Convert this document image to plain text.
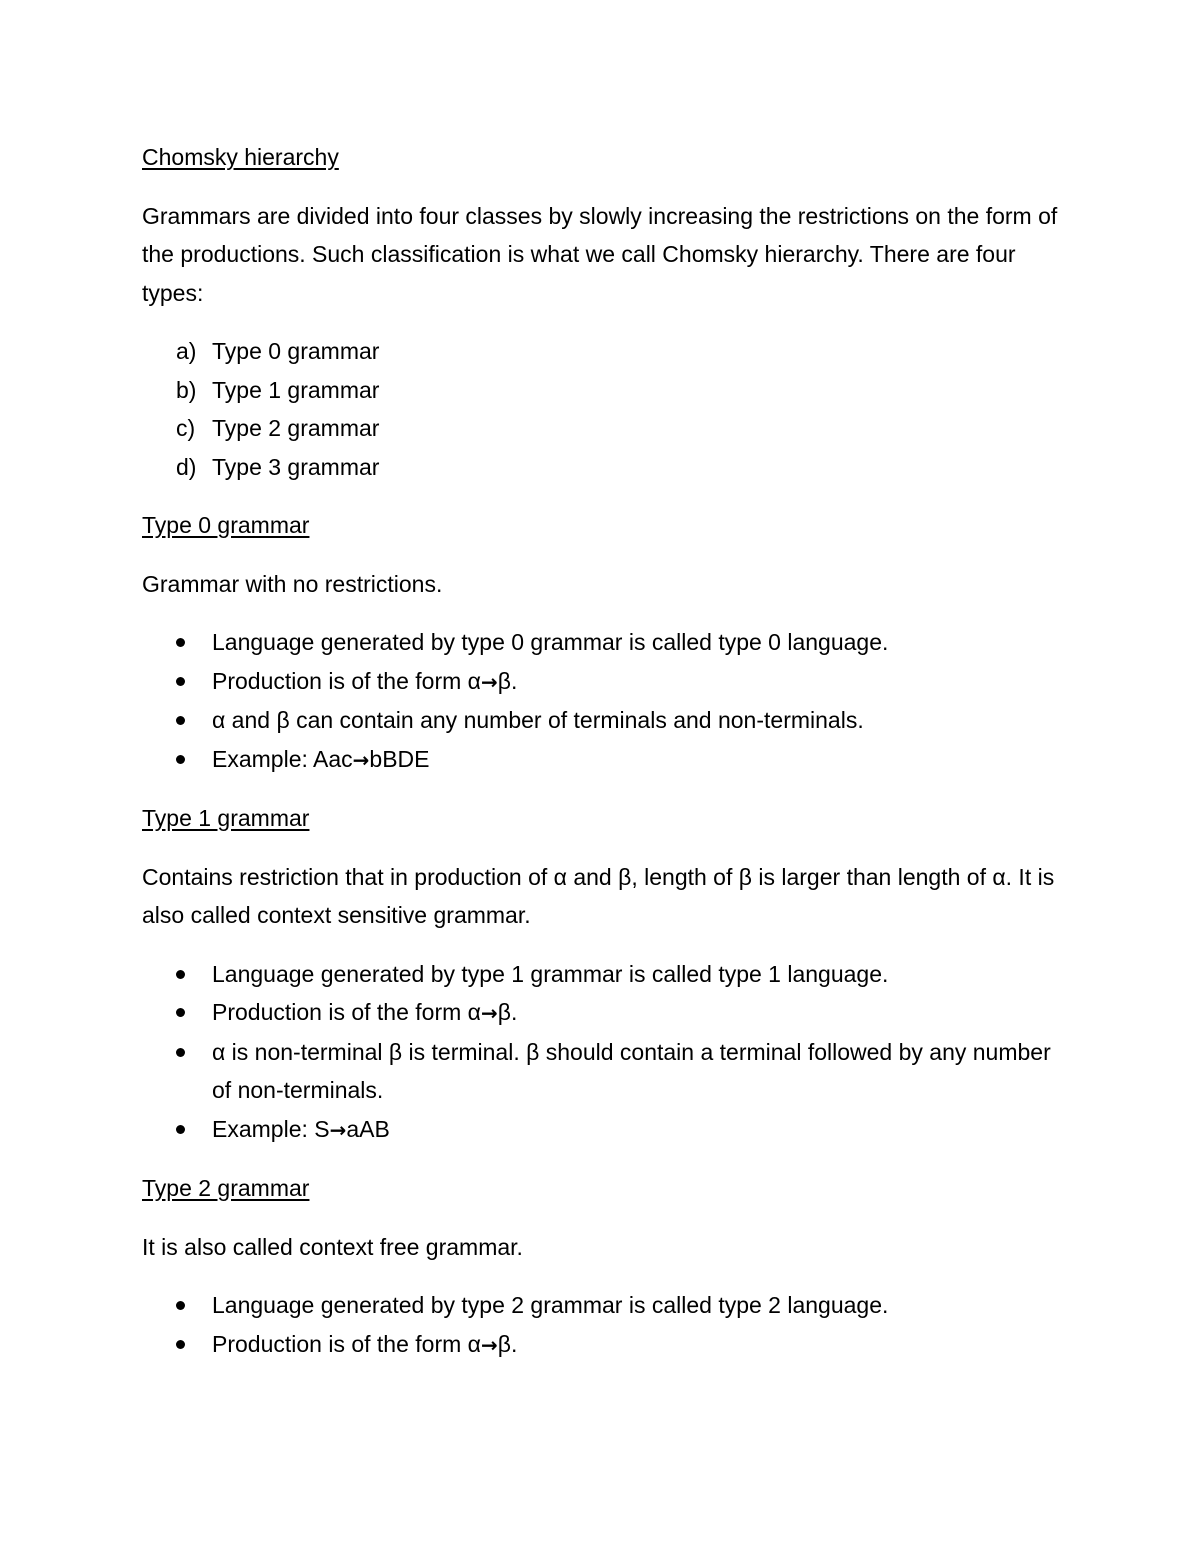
Chomsky hierarchy
Grammars are divided into four classes by slowly increasing the restrictions on the form of the productions. Such classification is what we call Chomsky hierarchy. There are four types:
a) Type 0 grammar
b) Type 1 grammar
c) Type 2 grammar
d) Type 3 grammar
Type 0 grammar
Grammar with no restrictions.
Language generated by type 0 grammar is called type 0 language.
Production is of the form α→β.
α and β can contain any number of terminals and non-terminals.
Example: Aac→bBDE
Type 1 grammar
Contains restriction that in production of α and β, length of β is larger than length of α. It is also called context sensitive grammar.
Language generated by type 1 grammar is called type 1 language.
Production is of the form α→β.
α is non-terminal β is terminal. β should contain a terminal followed by any number of non-terminals.
Example: S→aAB
Type 2 grammar
It is also called context free grammar.
Language generated by type 2 grammar is called type 2 language.
Production is of the form α→β.
